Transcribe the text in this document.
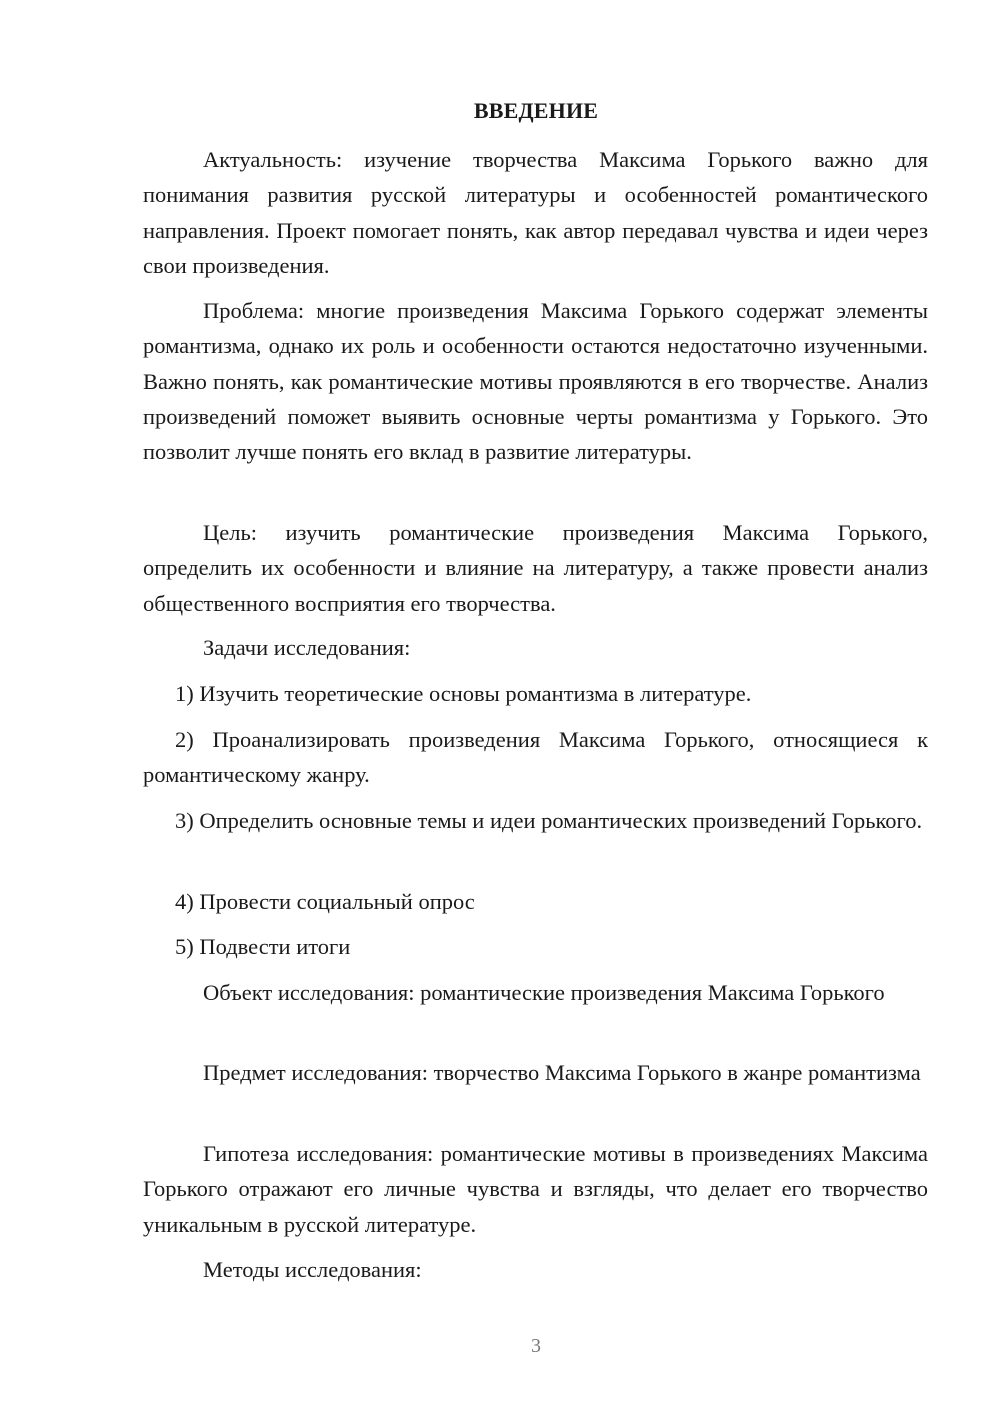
ВВЕДЕНИЕ

Актуальность: изучение творчества Максима Горького важно для понимания развития русской литературы и особенностей романтического направления. Проект помогает понять, как автор передавал чувства и идеи через свои произведения.

Проблема: многие произведения Максима Горького содержат элементы романтизма, однако их роль и особенности остаются недостаточно изученными. Важно понять, как романтические мотивы проявляются в его творчестве. Анализ произведений поможет выявить основные черты романтизма у Горького. Это позволит лучше понять его вклад в развитие литературы.

Цель: изучить романтические произведения Максима Горького, определить их особенности и влияние на литературу, а также провести анализ общественного восприятия его творчества.

Задачи исследования:

1) Изучить теоретические основы романтизма в литературе.

2) Проанализировать произведения Максима Горького, относящиеся к романтическому жанру.

3) Определить основные темы и идеи романтических произведений Горького.

4) Провести социальный опрос

5) Подвести итоги

Объект исследования: романтические произведения Максима Горького

Предмет исследования: творчество Максима Горького в жанре романтизма

Гипотеза исследования: романтические мотивы в произведениях Максима Горького отражают его личные чувства и взгляды, что делает его творчество уникальным в русской литературе.

Методы исследования:

3
